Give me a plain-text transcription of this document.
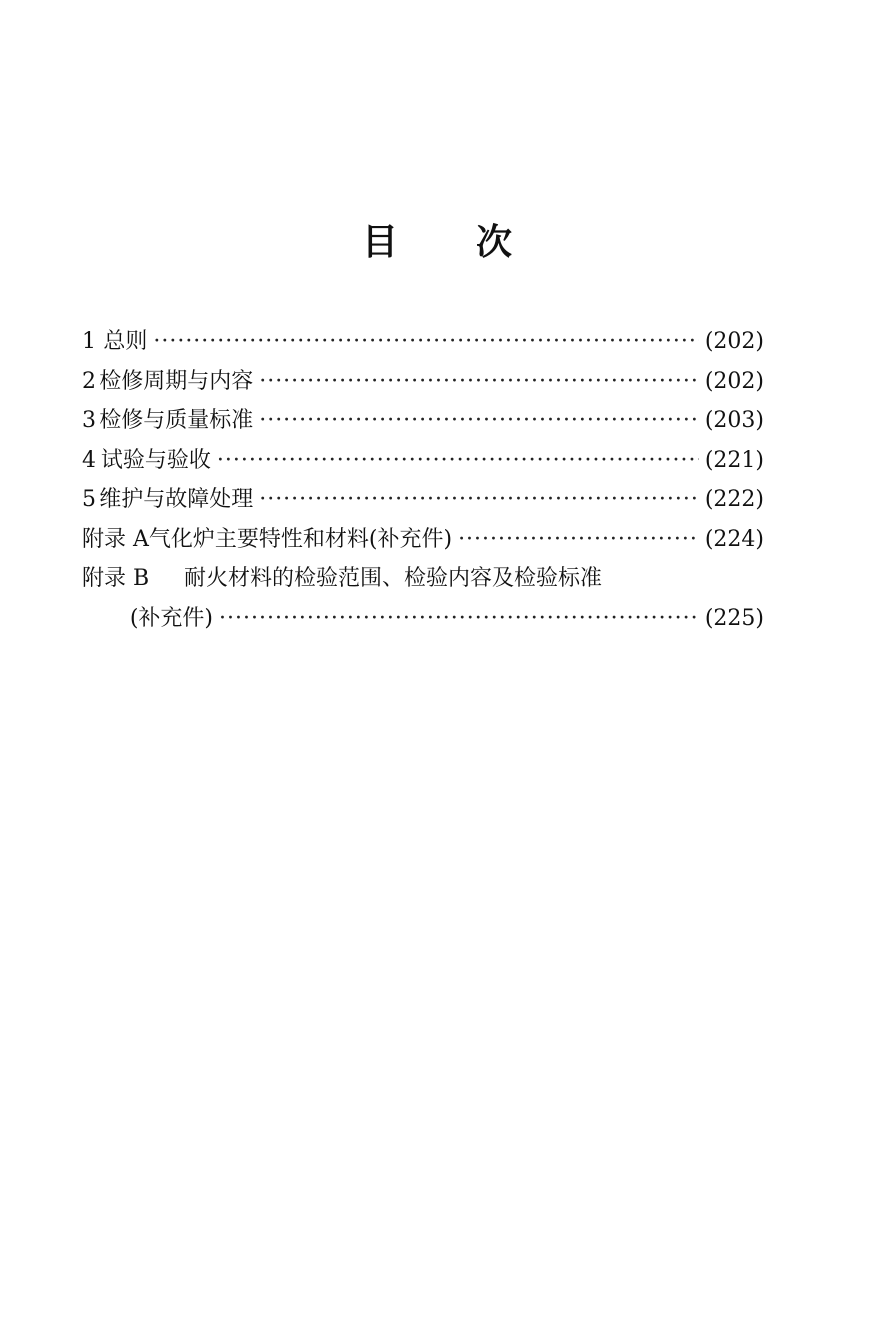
目 次
1 总则 ·····	(202)
2 检修周期与内容 ·····	(202)
3 检修与质量标准 ·····	(203)
4 试验与验收 ·····	(221)
5 维护与故障处理 ·····	(222)
附录 A 气化炉主要特性和材料(补充件) ·····	(224)
附录 B	耐火材料的检验范围、检验内容及检验标准
(补充件) ·····	(225)
